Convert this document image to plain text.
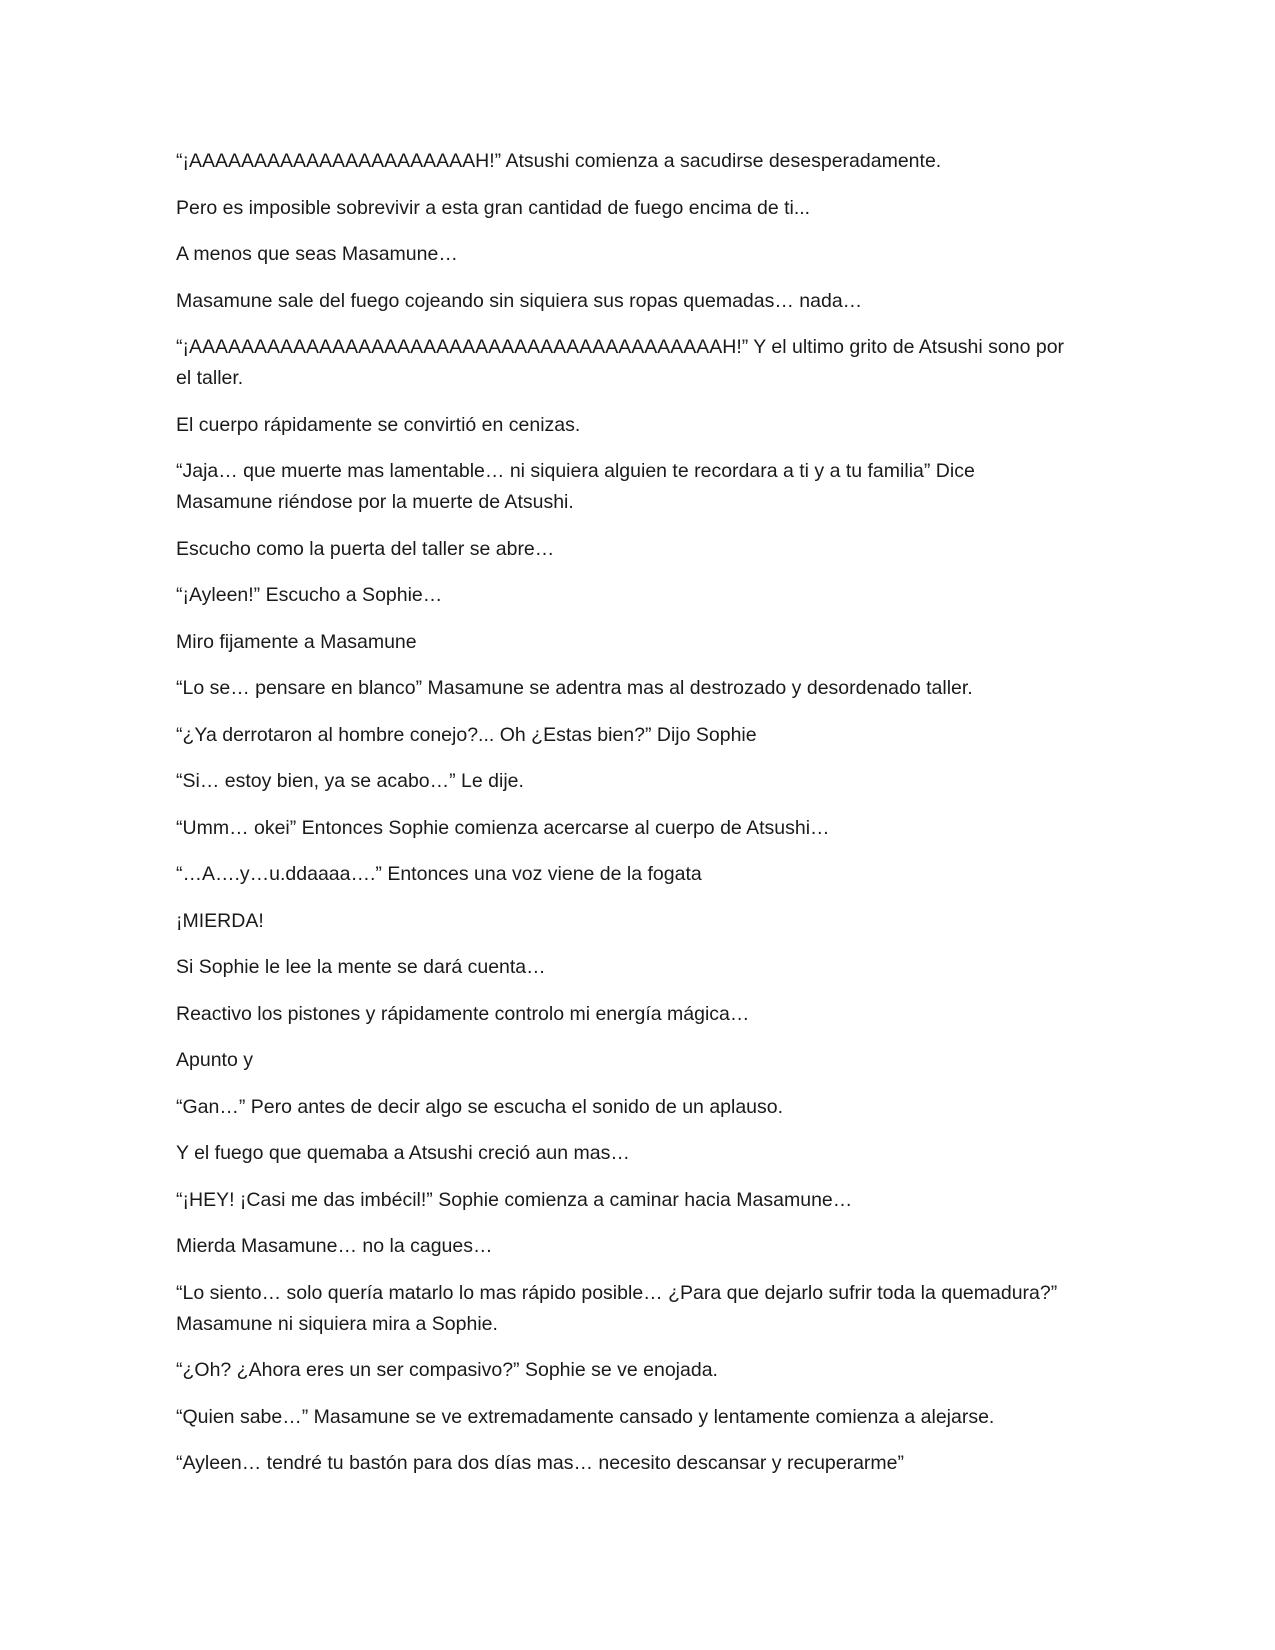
“¡AAAAAAAAAAAAAAAAAAAAAAH!” Atsushi comienza a sacudirse desesperadamente.

Pero es imposible sobrevivir a esta gran cantidad de fuego encima de ti...

A menos que seas Masamune…

Masamune sale del fuego cojeando sin siquiera sus ropas quemadas… nada…

“¡AAAAAAAAAAAAAAAAAAAAAAAAAAAAAAAAAAAAAAAAAH!” Y el ultimo grito de Atsushi sono por el taller.

El cuerpo rápidamente se convirtió en cenizas.

“Jaja… que muerte mas lamentable… ni siquiera alguien te recordara a ti y a tu familia” Dice Masamune riéndose por la muerte de Atsushi.

Escucho como la puerta del taller se abre…

“¡Ayleen!” Escucho a Sophie…

Miro fijamente a Masamune

“Lo se… pensare en blanco” Masamune se adentra mas al destrozado y desordenado taller.

“¿Ya derrotaron al hombre conejo?... Oh ¿Estas bien?” Dijo Sophie

“Si… estoy bien, ya se acabo…” Le dije.

“Umm… okei” Entonces Sophie comienza acercarse al cuerpo de Atsushi…

“…A….y…u.ddaaaa….” Entonces una voz viene de la fogata

¡MIERDA!

Si Sophie le lee la mente se dará cuenta…

Reactivo los pistones y rápidamente controlo mi energía mágica…

Apunto y

“Gan…” Pero antes de decir algo se escucha el sonido de un aplauso.

Y el fuego que quemaba a Atsushi creció aun mas…

“¡HEY! ¡Casi me das imbécil!” Sophie comienza a caminar hacia Masamune…

Mierda Masamune… no la cagues…

“Lo siento… solo quería matarlo lo mas rápido posible… ¿Para que dejarlo sufrir toda la quemadura?” Masamune ni siquiera mira a Sophie.

“¿Oh? ¿Ahora eres un ser compasivo?” Sophie se ve enojada.

“Quien sabe…” Masamune se ve extremadamente cansado y lentamente comienza a alejarse.

“Ayleen… tendré tu bastón para dos días mas… necesito descansar y recuperarme”
